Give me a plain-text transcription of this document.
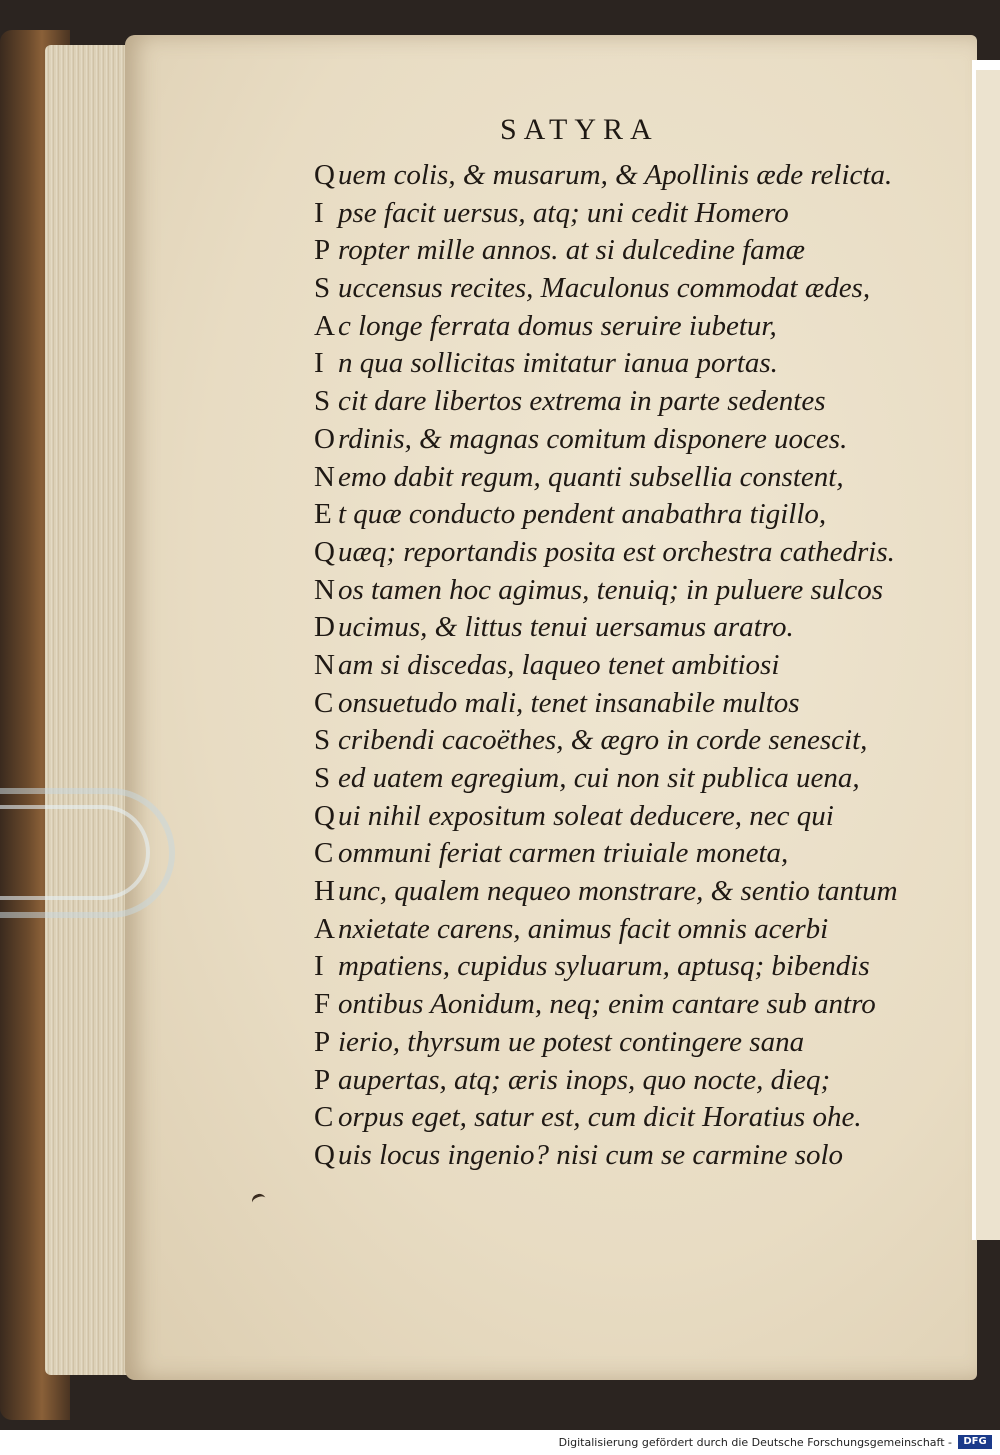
SATYRA
Q uem colis, & musarum, & Apollinis æde relicta.
I pse facit uersus, atq; uni cedit Homero
P ropter mille annos. at si dulcedine famæ
S uccensus recites, Maculonus commodat ædes,
A c longe ferrata domus seruire iubetur,
I n qua sollicitas imitatur ianua portas.
S cit dare libertos extrema in parte sedentes
O rdinis, & magnas comitum disponere uoces.
N emo dabit regum, quanti subsellia constent,
E t quæ conducto pendent anabathra tigillo,
Q uæq; reportandis posita est orchestra cathedris.
N os tamen hoc agimus, tenuiq; in puluere sulcos
D ucimus, & littus tenui uersamus aratro.
N am si discedas, laqueo tenet ambitiosi
C onsuetudo mali, tenet insanabile multos
S cribendi cacoëthes, & ægro in corde senescit,
S ed uatem egregium, cui non sit publica uena,
Q ui nihil expositum soleat deducere, nec qui
C ommuni feriat carmen triuiale moneta,
H unc, qualem nequeo monstrare, & sentio tantum
A nxietate carens, animus facit omnis acerbi
I mpatiens, cupidus syluarum, aptusq; bibendis
F ontibus Aonidum, neq; enim cantare sub antro
P ierio, thyrsum ue potest contingere sana
P aupertas, atq; æris inops, quo nocte, dieq;
C orpus eget, satur est, cum dicit Horatius ohe.
Q uis locus ingenio? nisi cum se carmine solo
Digitalisierung gefördert durch die Deutsche Forschungsgemeinschaft -	DFG
